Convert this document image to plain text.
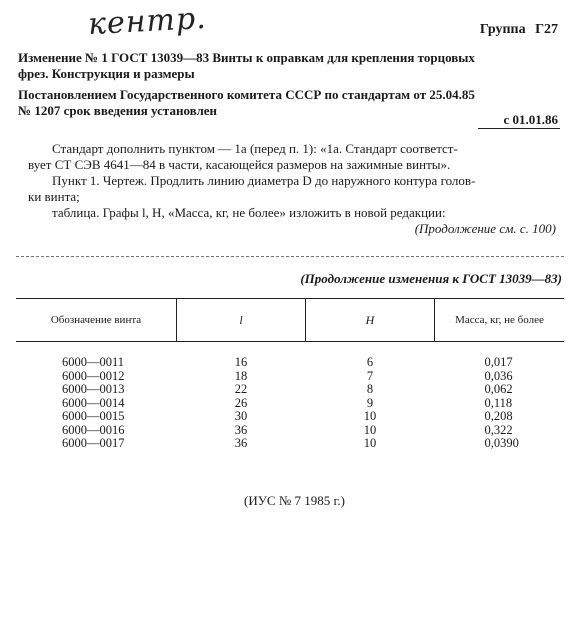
кентр.	Группа Г27
Изменение № 1 ГОСТ 13039—83 Винты к оправкам для крепления торцовых
фрез. Конструкция и размеры
Постановлением Государственного комитета СССР по стандартам от 25.04.85
№ 1207 срок введения установлен
с 01.01.86
Стандарт дополнить пунктом — 1а (перед п. 1): «1а. Стандарт соответст-
вует СТ СЭВ 4641—84 в части, касающейся размеров на зажимные винты».
Пункт 1. Чертеж. Продлить линию диаметра D до наружного контура голов-
ки винта;
таблица. Графы l, H, «Масса, кг, не более» изложить в новой редакции:
(Продолжение см. с. 100)
(Продолжение изменения к ГОСТ 13039—83)
Обозначение винта	l	H	Масса, кг, не более
6000—0011	16	6	0,017
6000—0012	18	7	0,036
6000—0013	22	8	0,062
6000—0014	26	9	0,118
6000—0015	30	10	0,208
6000—0016	36	10	0,322
6000—0017	36	10	0,0390
(ИУС № 7 1985 г.)
